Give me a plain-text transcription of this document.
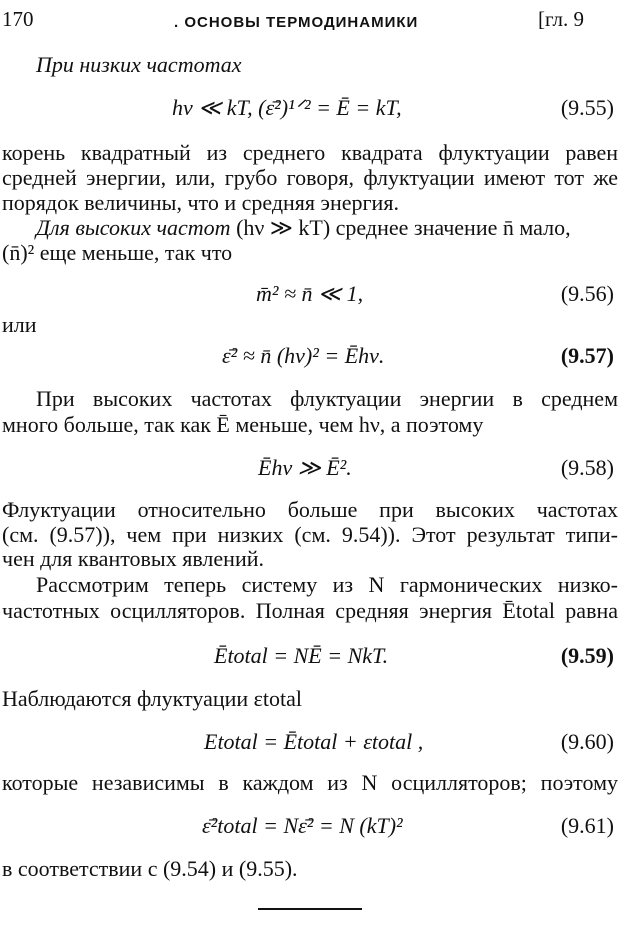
170	. ОСНОВЫ ТЕРМОДИНАМИКИ	[гл. 9
При низких частотах
hν ≪ kT, (ε̄²)¹ᐟ² = Ē = kT,	(9.55)
корень квадратный из среднего квадрата флуктуации равен
средней энергии, или, грубо говоря, флуктуации имеют тот же
порядок величины, что и средняя энергия.
Для высоких частот (hν ≫ kT) среднее значение n̄ мало,
(n̄)² еще меньше, так что
m̄² ≈ n̄ ≪ 1,	(9.56)
или
ε̄² ≈ n̄ (hν)² = Ēhν.	(9.57)
При высоких частотах флуктуации энергии в среднем
много больше, так как Ē меньше, чем hν, а поэтому
Ēhν ≫ Ē².	(9.58)
Флуктуации относительно больше при высоких частотах
(см. (9.57)), чем при низких (см. 9.54)). Этот результат типи-
чен для квантовых явлений.
Рассмотрим теперь систему из N гармонических низко-
частотных осцилляторов. Полная средняя энергия Ētotal равна
Ētotal = NĒ = NkT.	(9.59)
Наблюдаются флуктуации εtotal
Etotal = Ētotal + εtotal ,	(9.60)
которые независимы в каждом из N осцилляторов; поэтому
ε̄²total = Nε̄² = N (kT)²	(9.61)
в соответствии с (9.54) и (9.55).
